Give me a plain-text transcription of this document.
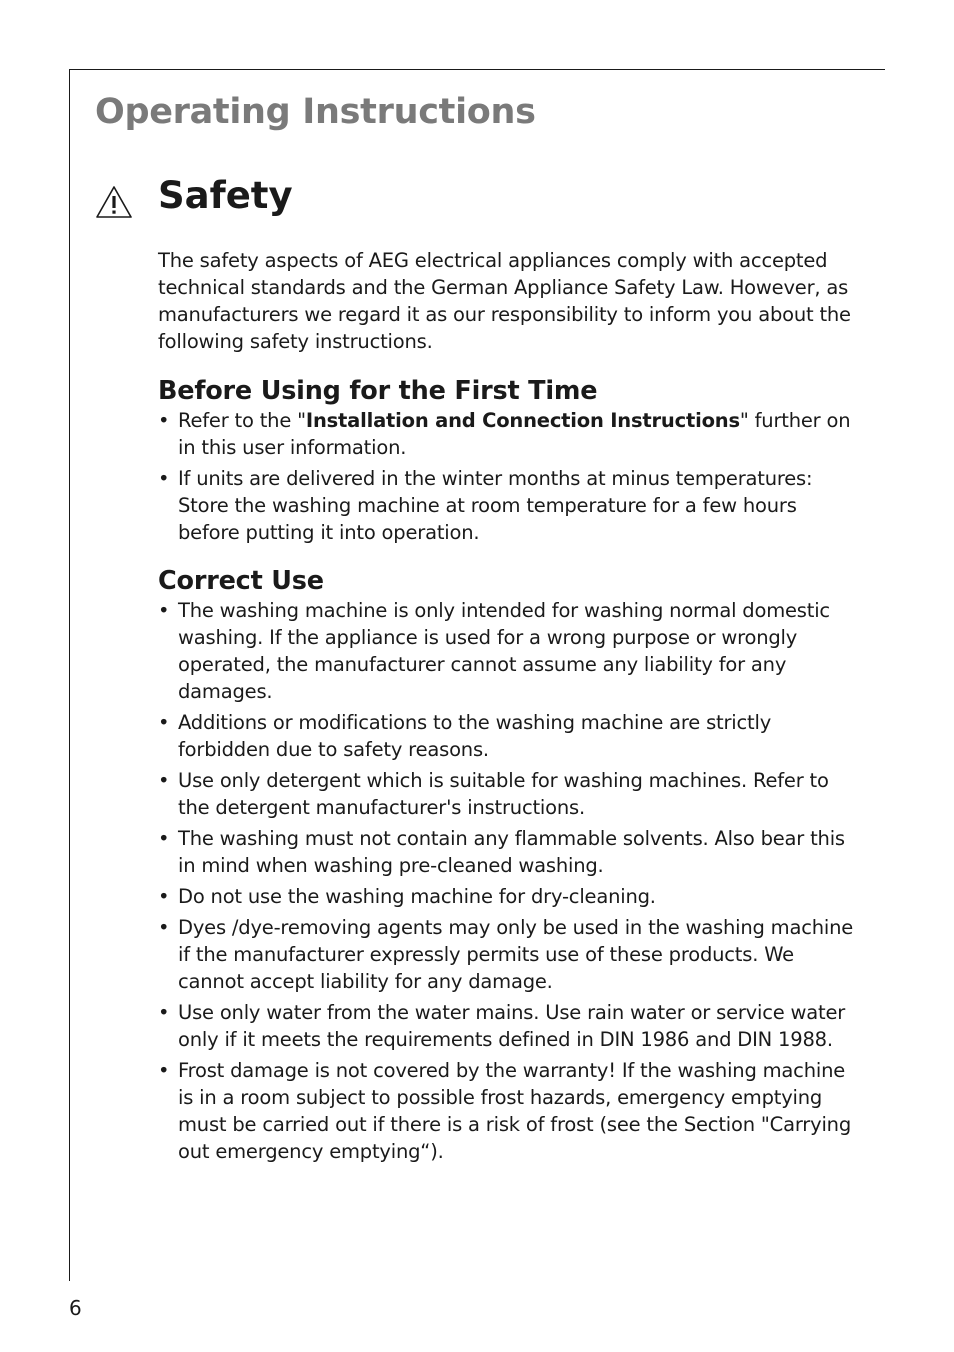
Operating Instructions
Safety

The safety aspects of AEG electrical appliances comply with accepted technical standards and the German Appliance Safety Law. However, as manufacturers we regard it as our responsibility to inform you about the following safety instructions.

Before Using for the First Time
• Refer to the "Installation and Connection Instructions" further on in this user information.
• If units are delivered in the winter months at minus temperatures: Store the washing machine at room temperature for a few hours before putting it into operation.
Correct Use
• The washing machine is only intended for washing normal domestic washing. If the appliance is used for a wrong purpose or wrongly operated, the manufacturer cannot assume any liability for any damages.
• Additions or modifications to the washing machine are strictly forbidden due to safety reasons.
• Use only detergent which is suitable for washing machines. Refer to the detergent manufacturer's instructions.
• The washing must not contain any flammable solvents. Also bear this in mind when washing pre-cleaned washing.
• Do not use the washing machine for dry-cleaning.
• Dyes /dye-removing agents may only be used in the washing machine if the manufacturer expressly permits use of these products. We cannot accept liability for any damage.
• Use only water from the water mains. Use rain water or service water only if it meets the requirements defined in DIN 1986 and DIN 1988.
• Frost damage is not covered by the warranty! If the washing machine is in a room subject to possible frost hazards, emergency emptying must be carried out if there is a risk of frost (see the Section "Carrying out emergency emptying“).
6
